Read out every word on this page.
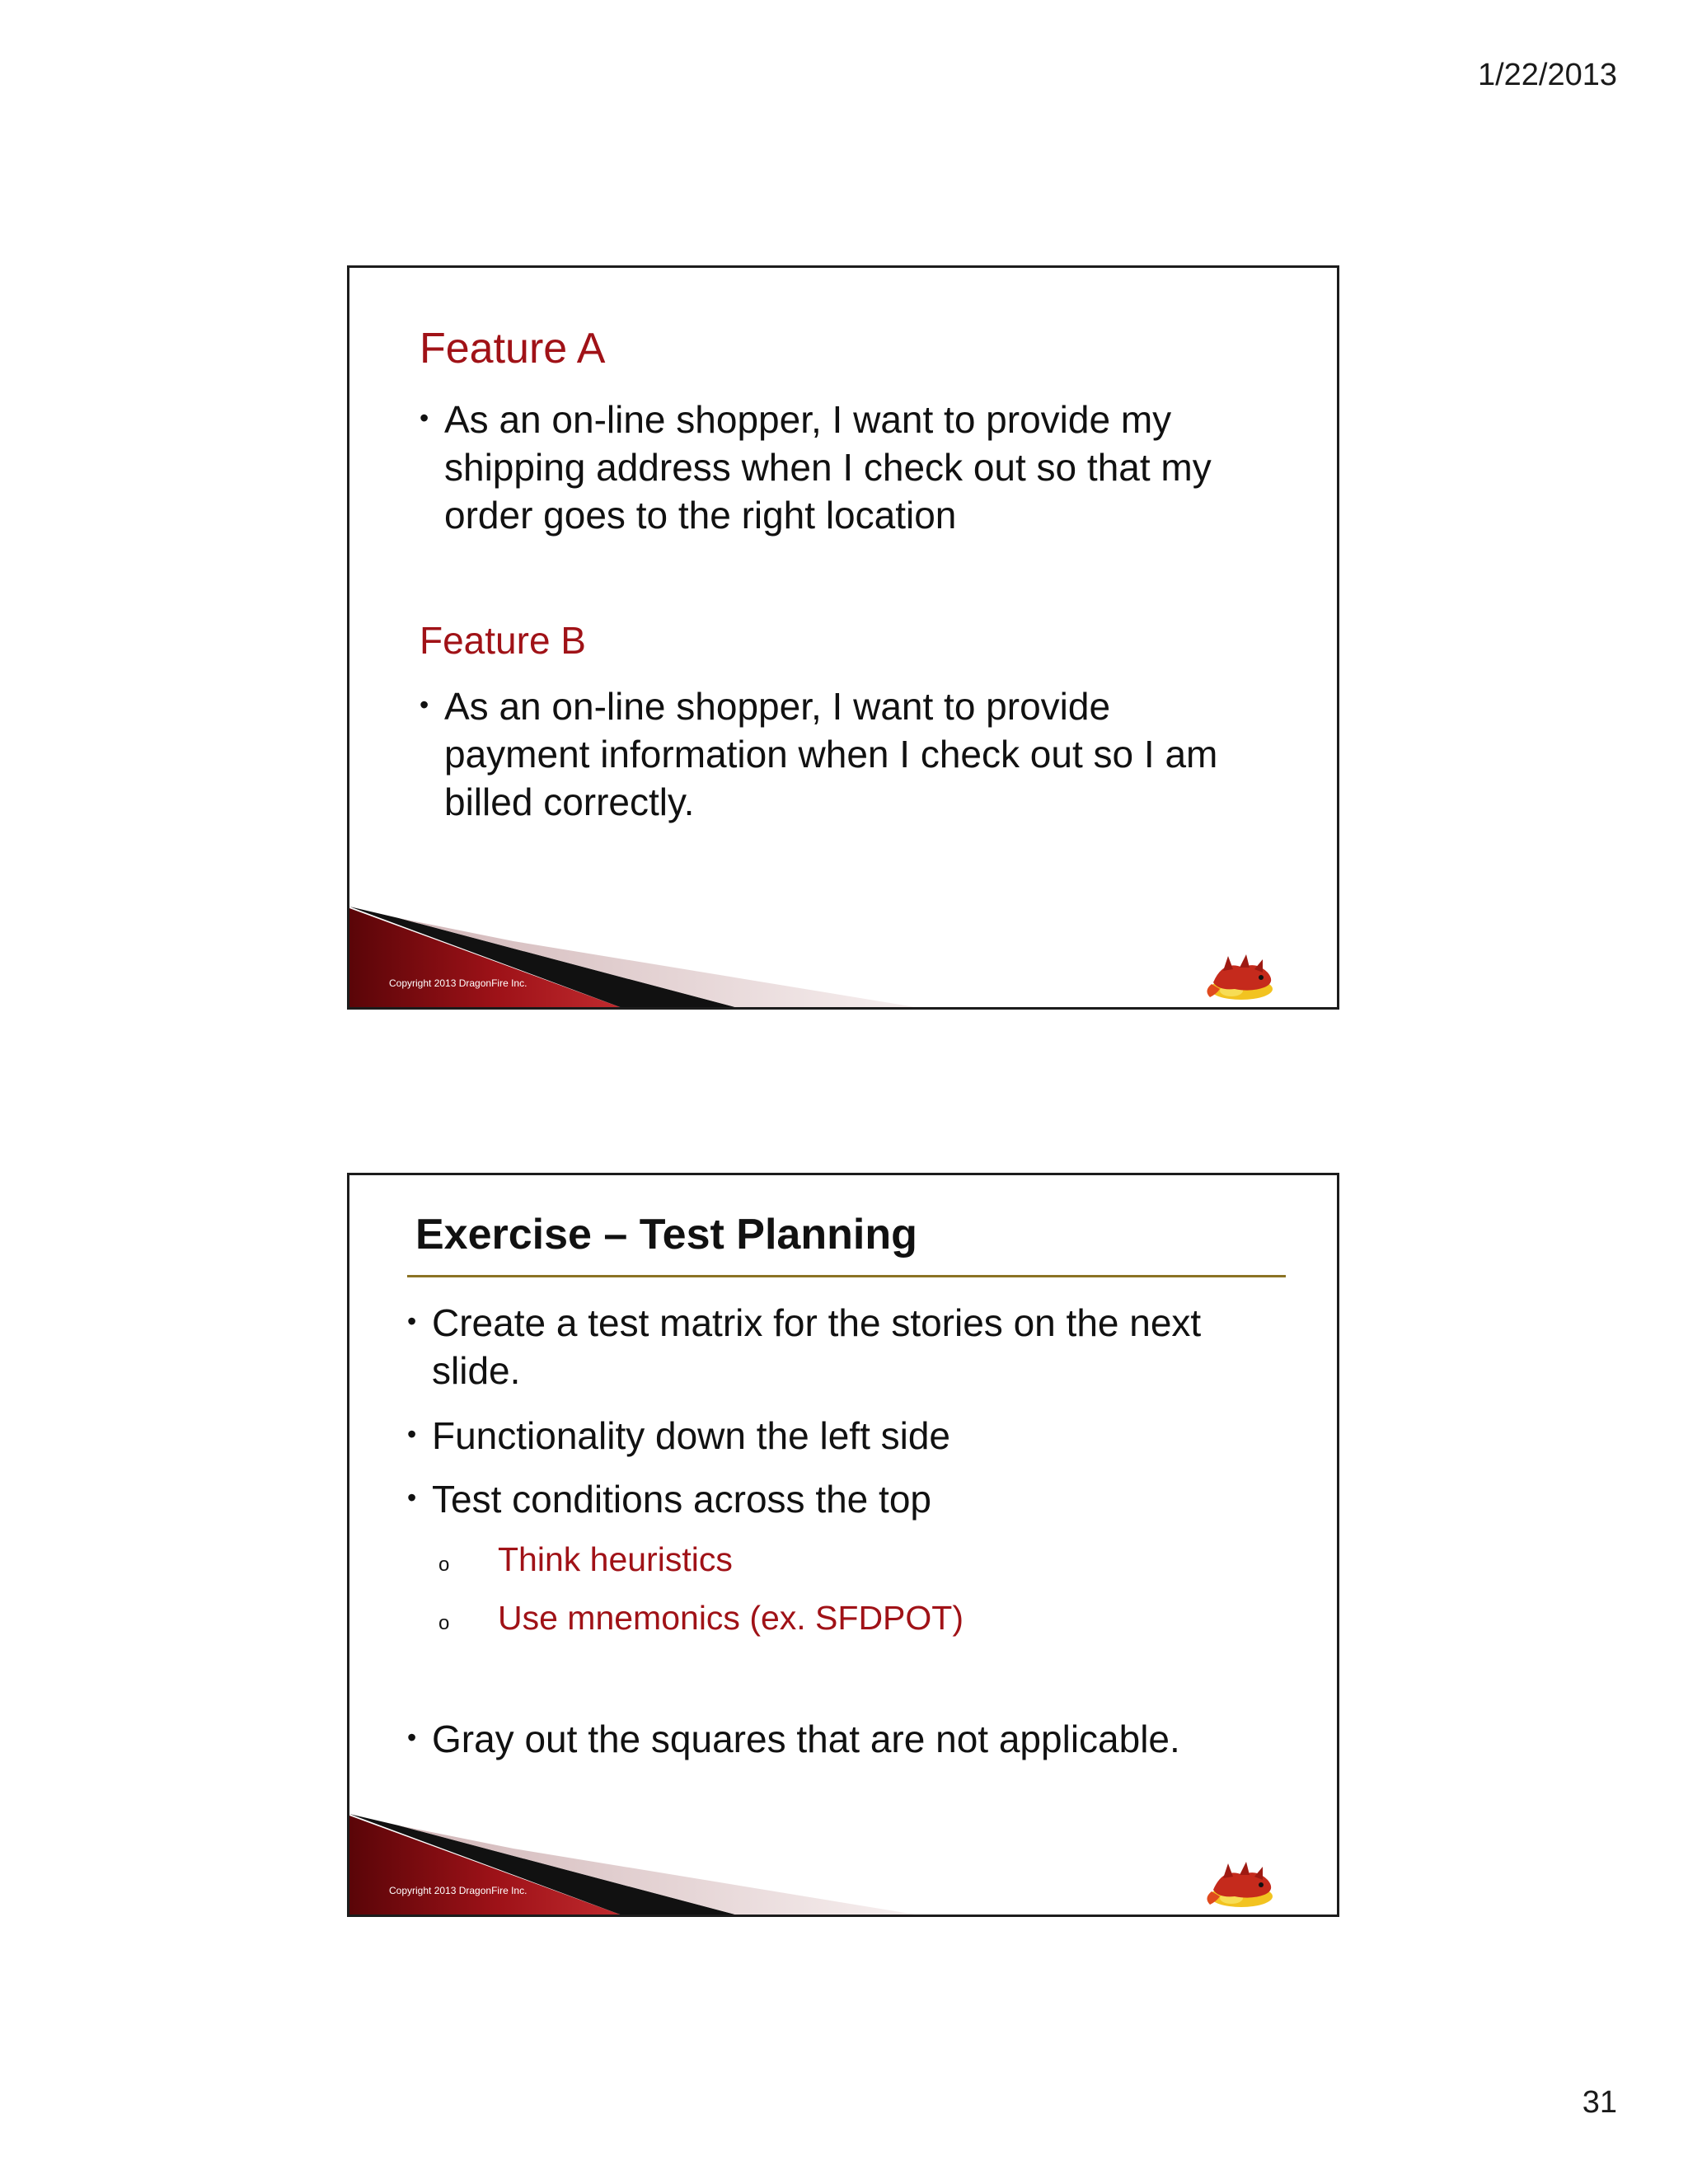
1/22/2013
Feature A
• As an on-line shopper, I want to provide my
shipping address when I check out so that my
order goes to the right location
Feature B
• As an on-line shopper, I want to provide
payment information when I check out so I am
billed correctly.
Copyright 2013 DragonFire Inc.
Exercise – Test Planning
• Create a test matrix for the stories on the next
slide.
• Functionality down the left side
• Test conditions across the top
o	Think heuristics
o	Use mnemonics (ex. SFDPOT)
• Gray out the squares that are not applicable.
Copyright 2013 DragonFire Inc.
31
